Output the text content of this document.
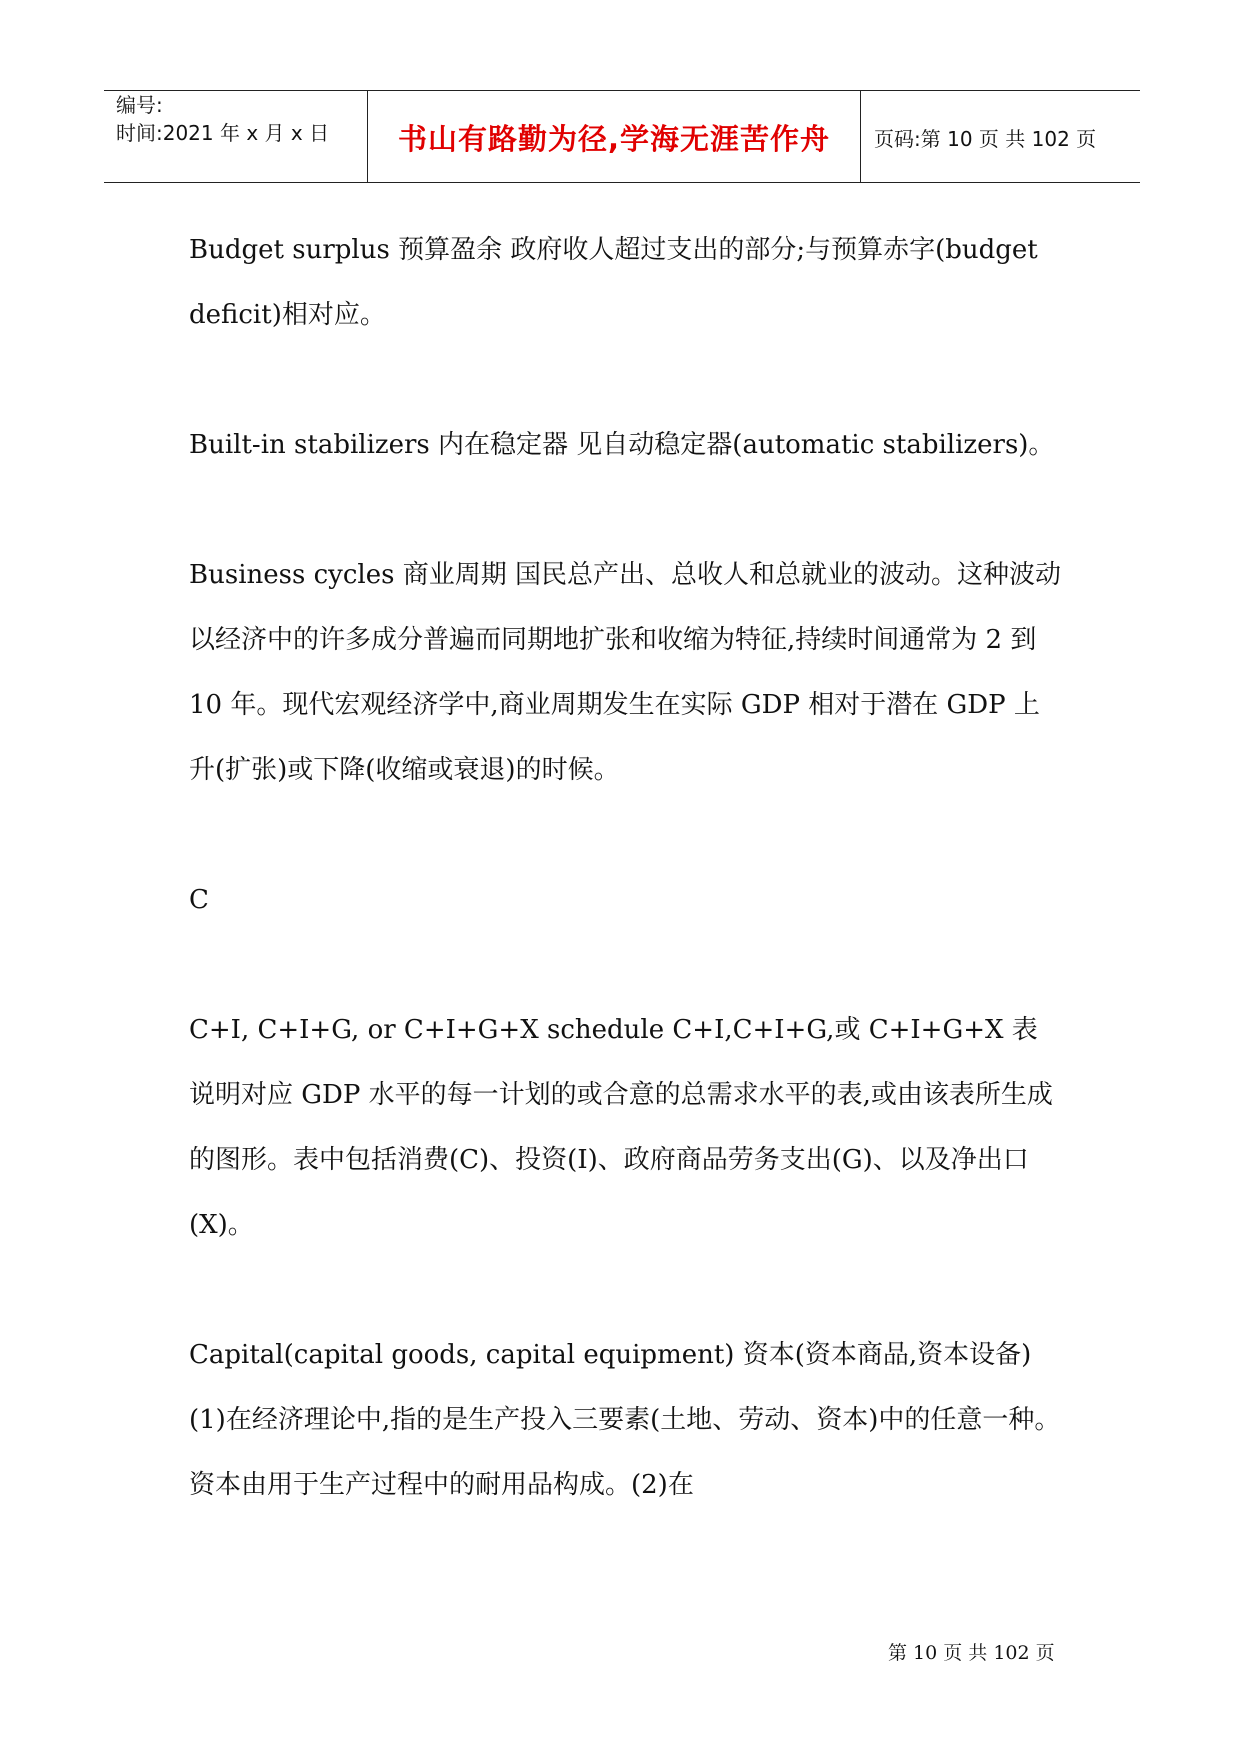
编号:
时间:2021 年 x 月 x 日	书山有路勤为径,学海无涯苦作舟	页码:第 10 页 共 102 页

Budget surplus 预算盈余 政府收人超过支出的部分;与预算赤字(budget deficit)相对应。

Built-in stabilizers 内在稳定器 见自动稳定器(automatic stabilizers)。

Business cycles 商业周期 国民总产出、总收人和总就业的波动。这种波动以经济中的许多成分普遍而同期地扩张和收缩为特征,持续时间通常为 2 到 10 年。现代宏观经济学中,商业周期发生在实际 GDP 相对于潜在 GDP 上升(扩张)或下降(收缩或衰退)的时候。

C

C+I, C+I+G, or C+I+G+X schedule C+I,C+I+G,或 C+I+G+X 表说明对应 GDP 水平的每一计划的或合意的总需求水平的表,或由该表所生成的图形。表中包括消费(C)、投资(I)、政府商品劳务支出(G)、以及净出口(X)。

Capital(capital goods, capital equipment) 资本(资本商品,资本设备) (1)在经济理论中,指的是生产投入三要素(土地、劳动、资本)中的任意一种。资本由用于生产过程中的耐用品构成。(2)在

第 10 页 共 102 页
